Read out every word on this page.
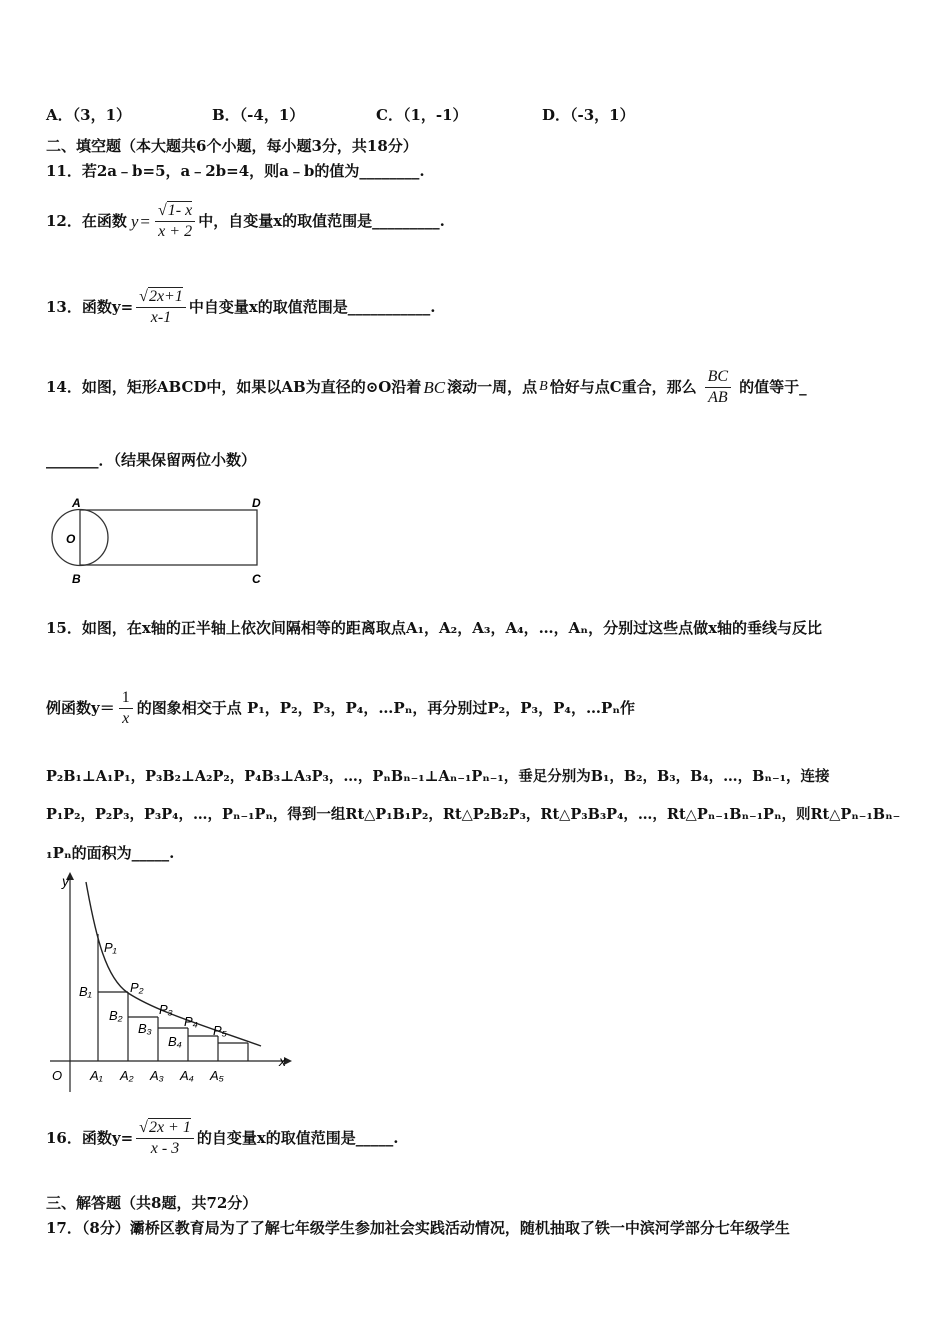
A．（3，1）	B．（-4，1）	C．（1，-1）	D．（-3，1）
二、填空题（本大题共6个小题，每小题3分，共18分）
11．若2a﹣b=5，a﹣2b=4，则a﹣b的值为________.
12．在函数 $y = \frac{√1- x}{x + 2}$ 中，自变量x的取值范围是_________.
13．函数$y= \frac{√2x+1}{x-1}$ 中自变量x的取值范围是___________.
14．如图，矩形ABCD中，如果以AB为直径的⊙O沿着 BC 滚动一周，点 B 恰好与点C重合，那么 $\frac{BC}{AB}$ 的值等于_
_______．（结果保留两位小数）
A	D
O
B	C
15．如图，在x轴的正半轴上依次间隔相等的距离取点A₁，A₂，A₃，A₄，…，Aₙ，分别过这些点做x轴的垂线与反比
例函数$y= \frac{1}{x}$ 的图象相交于点 P₁，P₂，P₃，P₄，…Pₙ，再分别过P₂，P₃，P₄，…Pₙ作
P₂B₁⊥A₁P₁，P₃B₂⊥A₂P₂，P₄B₃⊥A₃P₃，…，PₙBₙ₋₁⊥Aₙ₋₁Pₙ₋₁，垂足分别为B₁，B₂，B₃，B₄，…，Bₙ₋₁，连接
P₁P₂，P₂P₃，P₃P₄，…，Pₙ₋₁Pₙ，得到一组Rt△P₁B₁P₂，Rt△P₂B₂P₃，Rt△P₃B₃P₄，…，Rt△Pₙ₋₁Bₙ₋₁Pₙ，则Rt△Pₙ₋₁Bₙ₋
₁Pₙ的面积为_____.
y
x
O
P₁
P₂
P₃
P₄
P₅
B₁
B₂
B₃
B₄
A₁ A₂ A₃ A₄ A₅
16．函数$y= \frac{√2x + 1}{x - 3}$ 的自变量x的取值范围是_____.
三、解答题（共8题，共72分）
17．（8分）灞桥区教育局为了了解七年级学生参加社会实践活动情况，随机抽取了铁一中滨河学部分七年级学生
